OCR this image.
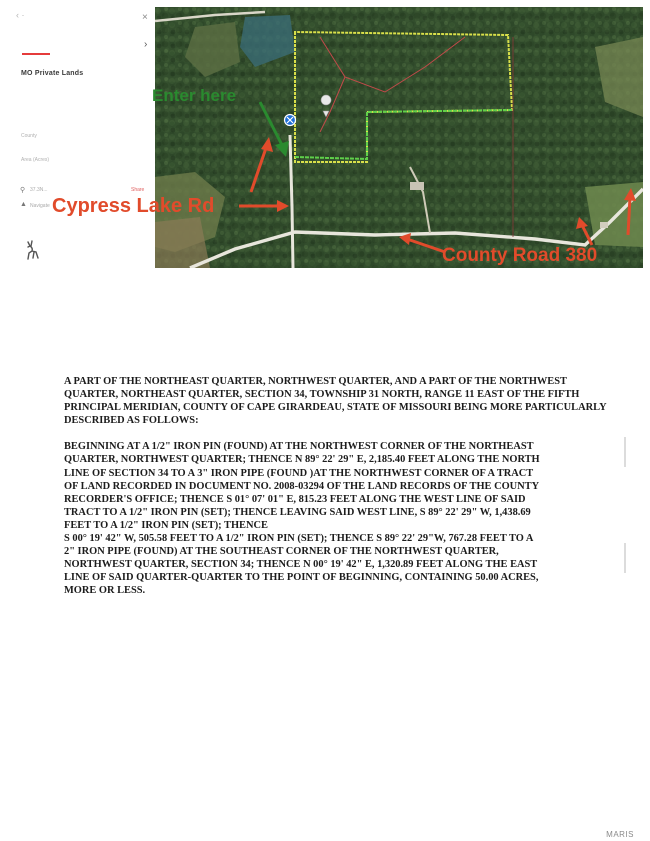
‹ ·	×
›
MO Private Lands
County
Area (Acres)
⚲ 37.3N...	Share
▲ Navigate
Enter here
Cypress Lake Rd
County Road 380

A PART OF THE NORTHEAST QUARTER, NORTHWEST QUARTER, AND A PART OF THE NORTHWEST QUARTER, NORTHEAST QUARTER, SECTION 34, TOWNSHIP 31 NORTH, RANGE 11 EAST OF THE FIFTH PRINCIPAL MERIDIAN, COUNTY OF CAPE GIRARDEAU, STATE OF MISSOURI BEING MORE PARTICULARLY DESCRIBED AS FOLLOWS:

BEGINNING AT A 1/2" IRON PIN (FOUND) AT THE NORTHWEST CORNER OF THE NORTHEAST

QUARTER, NORTHWEST QUARTER; THENCE N 89° 22' 29" E, 2,185.40 FEET ALONG THE NORTH

LINE OF SECTION 34 TO A 3" IRON PIPE (FOUND )AT THE NORTHWEST CORNER OF A TRACT

OF LAND RECORDED IN DOCUMENT NO. 2008-03294 OF THE LAND RECORDS OF THE COUNTY

RECORDER'S OFFICE; THENCE S 01° 07' 01" E, 815.23 FEET ALONG THE WEST LINE OF SAID

TRACT TO A 1/2" IRON PIN (SET); THENCE LEAVING SAID WEST LINE, S 89° 22' 29" W, 1,438.69

FEET TO A 1/2" IRON PIN (SET); THENCE

S 00° 19' 42" W, 505.58 FEET TO A 1/2" IRON PIN (SET); THENCE S 89° 22' 29"W, 767.28 FEET TO A

2" IRON PIPE (FOUND) AT THE SOUTHEAST CORNER OF THE NORTHWEST QUARTER,

NORTHWEST QUARTER, SECTION 34; THENCE N 00° 19' 42" E, 1,320.89 FEET ALONG THE EAST

LINE OF SAID QUARTER-QUARTER TO THE POINT OF BEGINNING, CONTAINING 50.00 ACRES,

MORE OR LESS.

MARIS
